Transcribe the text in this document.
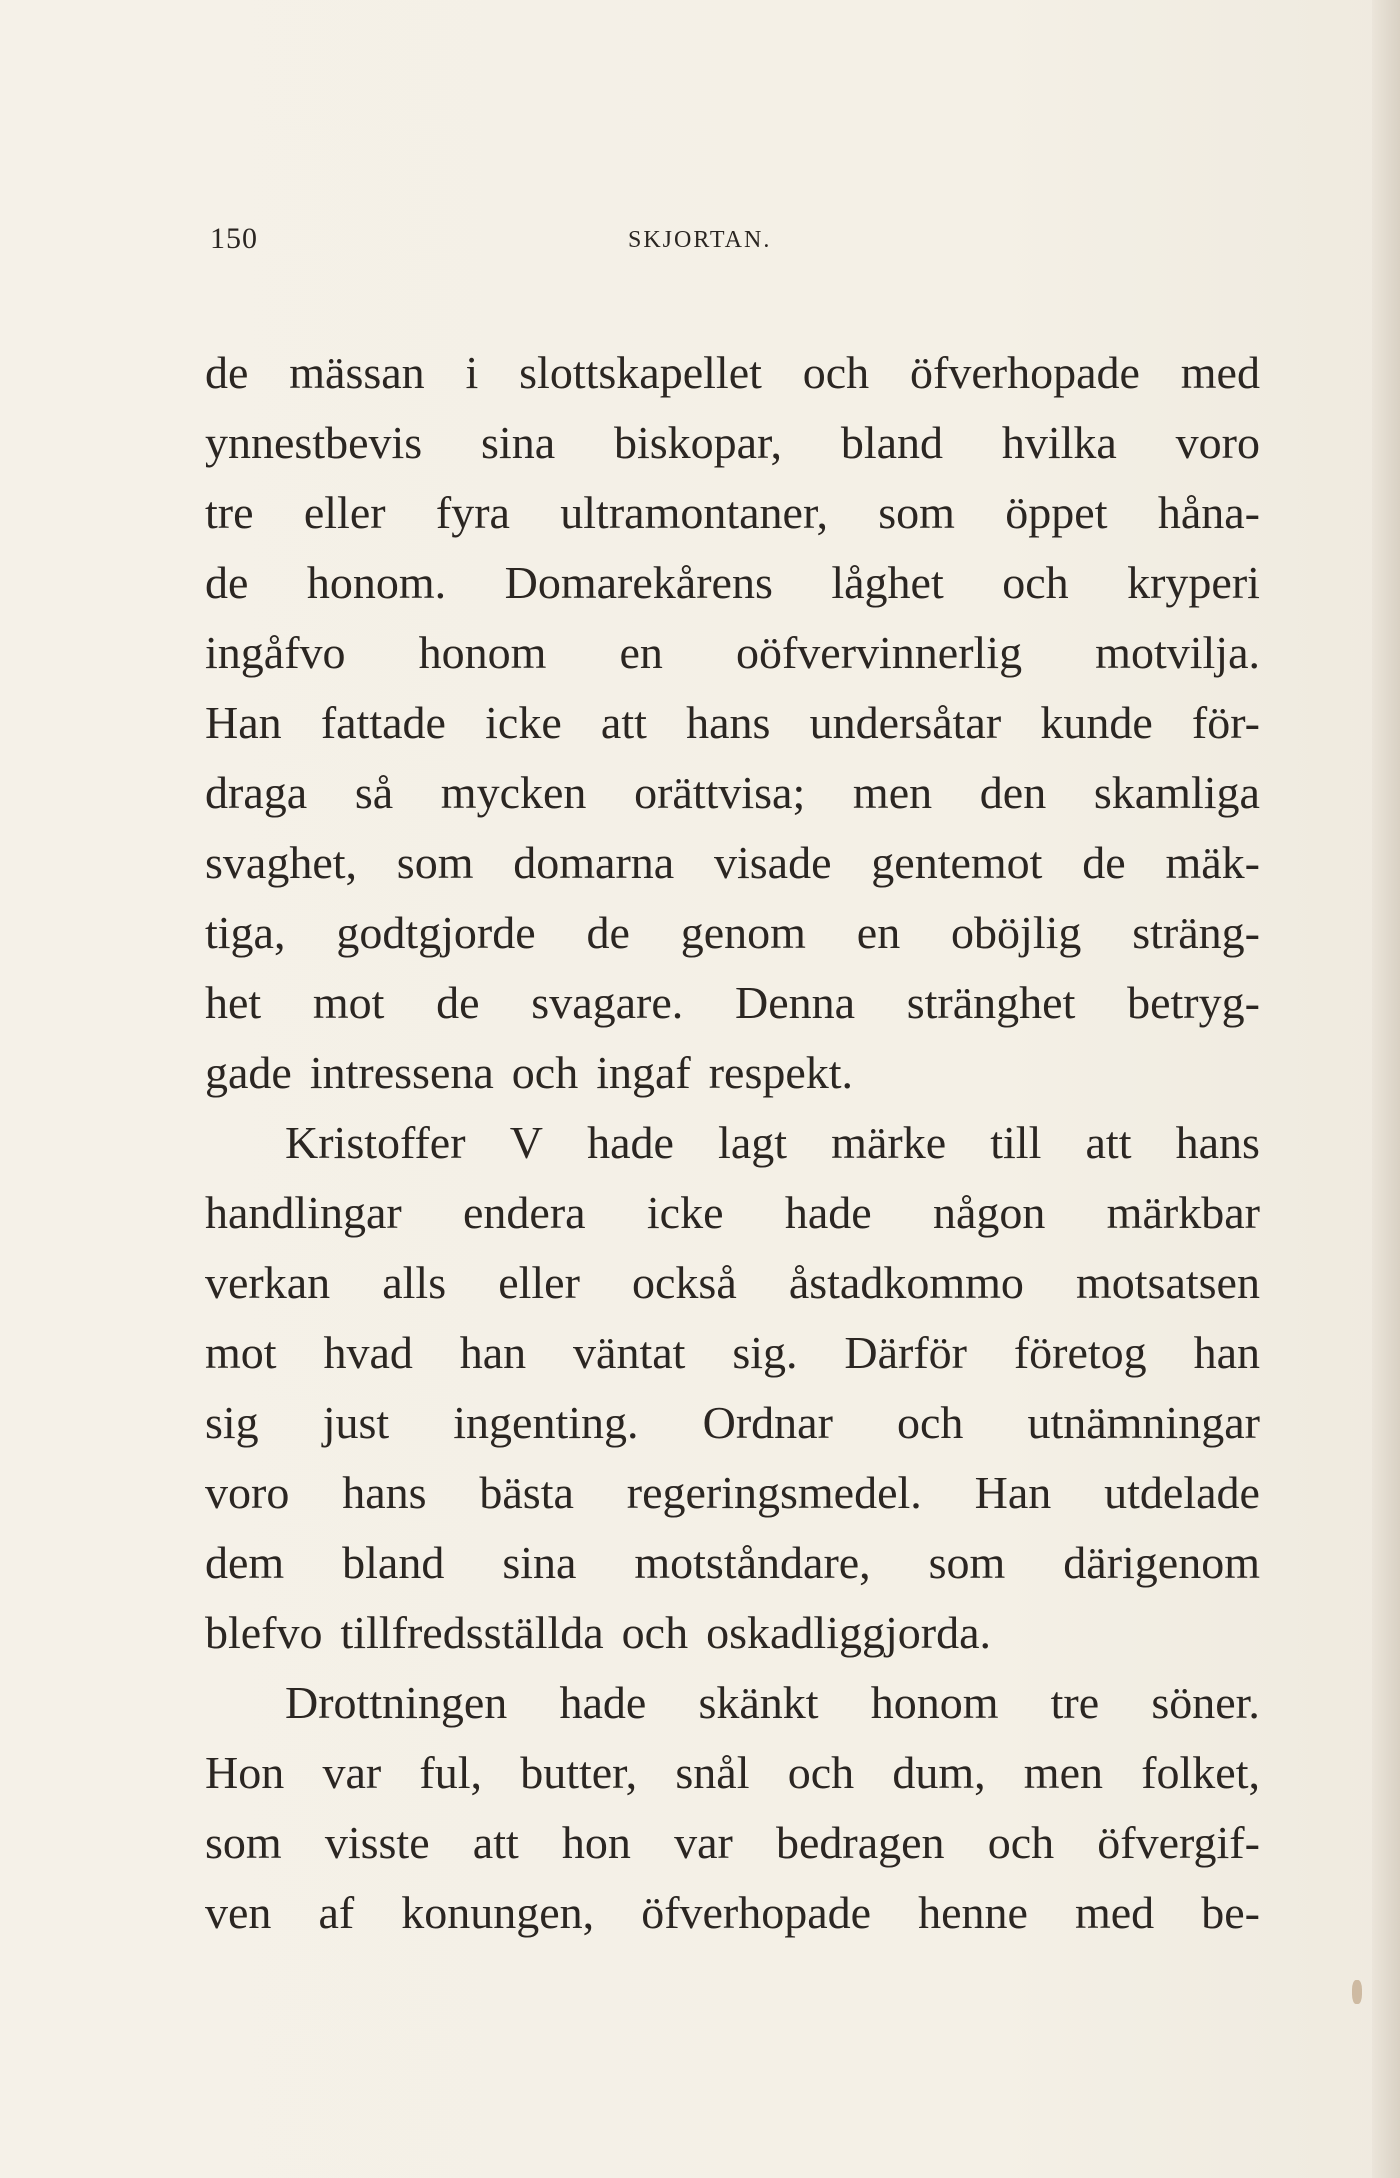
150	SKJORTAN.
de mässan i slottskapellet och öfverhopade med
ynnestbevis sina biskopar, bland hvilka voro
tre eller fyra ultramontaner, som öppet håna-
de honom. Domarekårens låghet och kryperi
ingåfvo honom en oöfvervinnerlig motvilja.
Han fattade icke att hans undersåtar kunde för-
draga så mycken orättvisa; men den skamliga
svaghet, som domarna visade gentemot de mäk-
tiga, godtgjorde de genom en oböjlig sträng-
het mot de svagare. Denna stränghet betryg-
gade intressena och ingaf respekt.
Kristoffer V hade lagt märke till att hans
handlingar endera icke hade någon märkbar
verkan alls eller också åstadkommo motsatsen
mot hvad han väntat sig. Därför företog han
sig just ingenting. Ordnar och utnämningar
voro hans bästa regeringsmedel. Han utdelade
dem bland sina motståndare, som därigenom
blefvo tillfredsställda och oskadliggjorda.
Drottningen hade skänkt honom tre söner.
Hon var ful, butter, snål och dum, men folket,
som visste att hon var bedragen och öfvergif-
ven af konungen, öfverhopade henne med be-
